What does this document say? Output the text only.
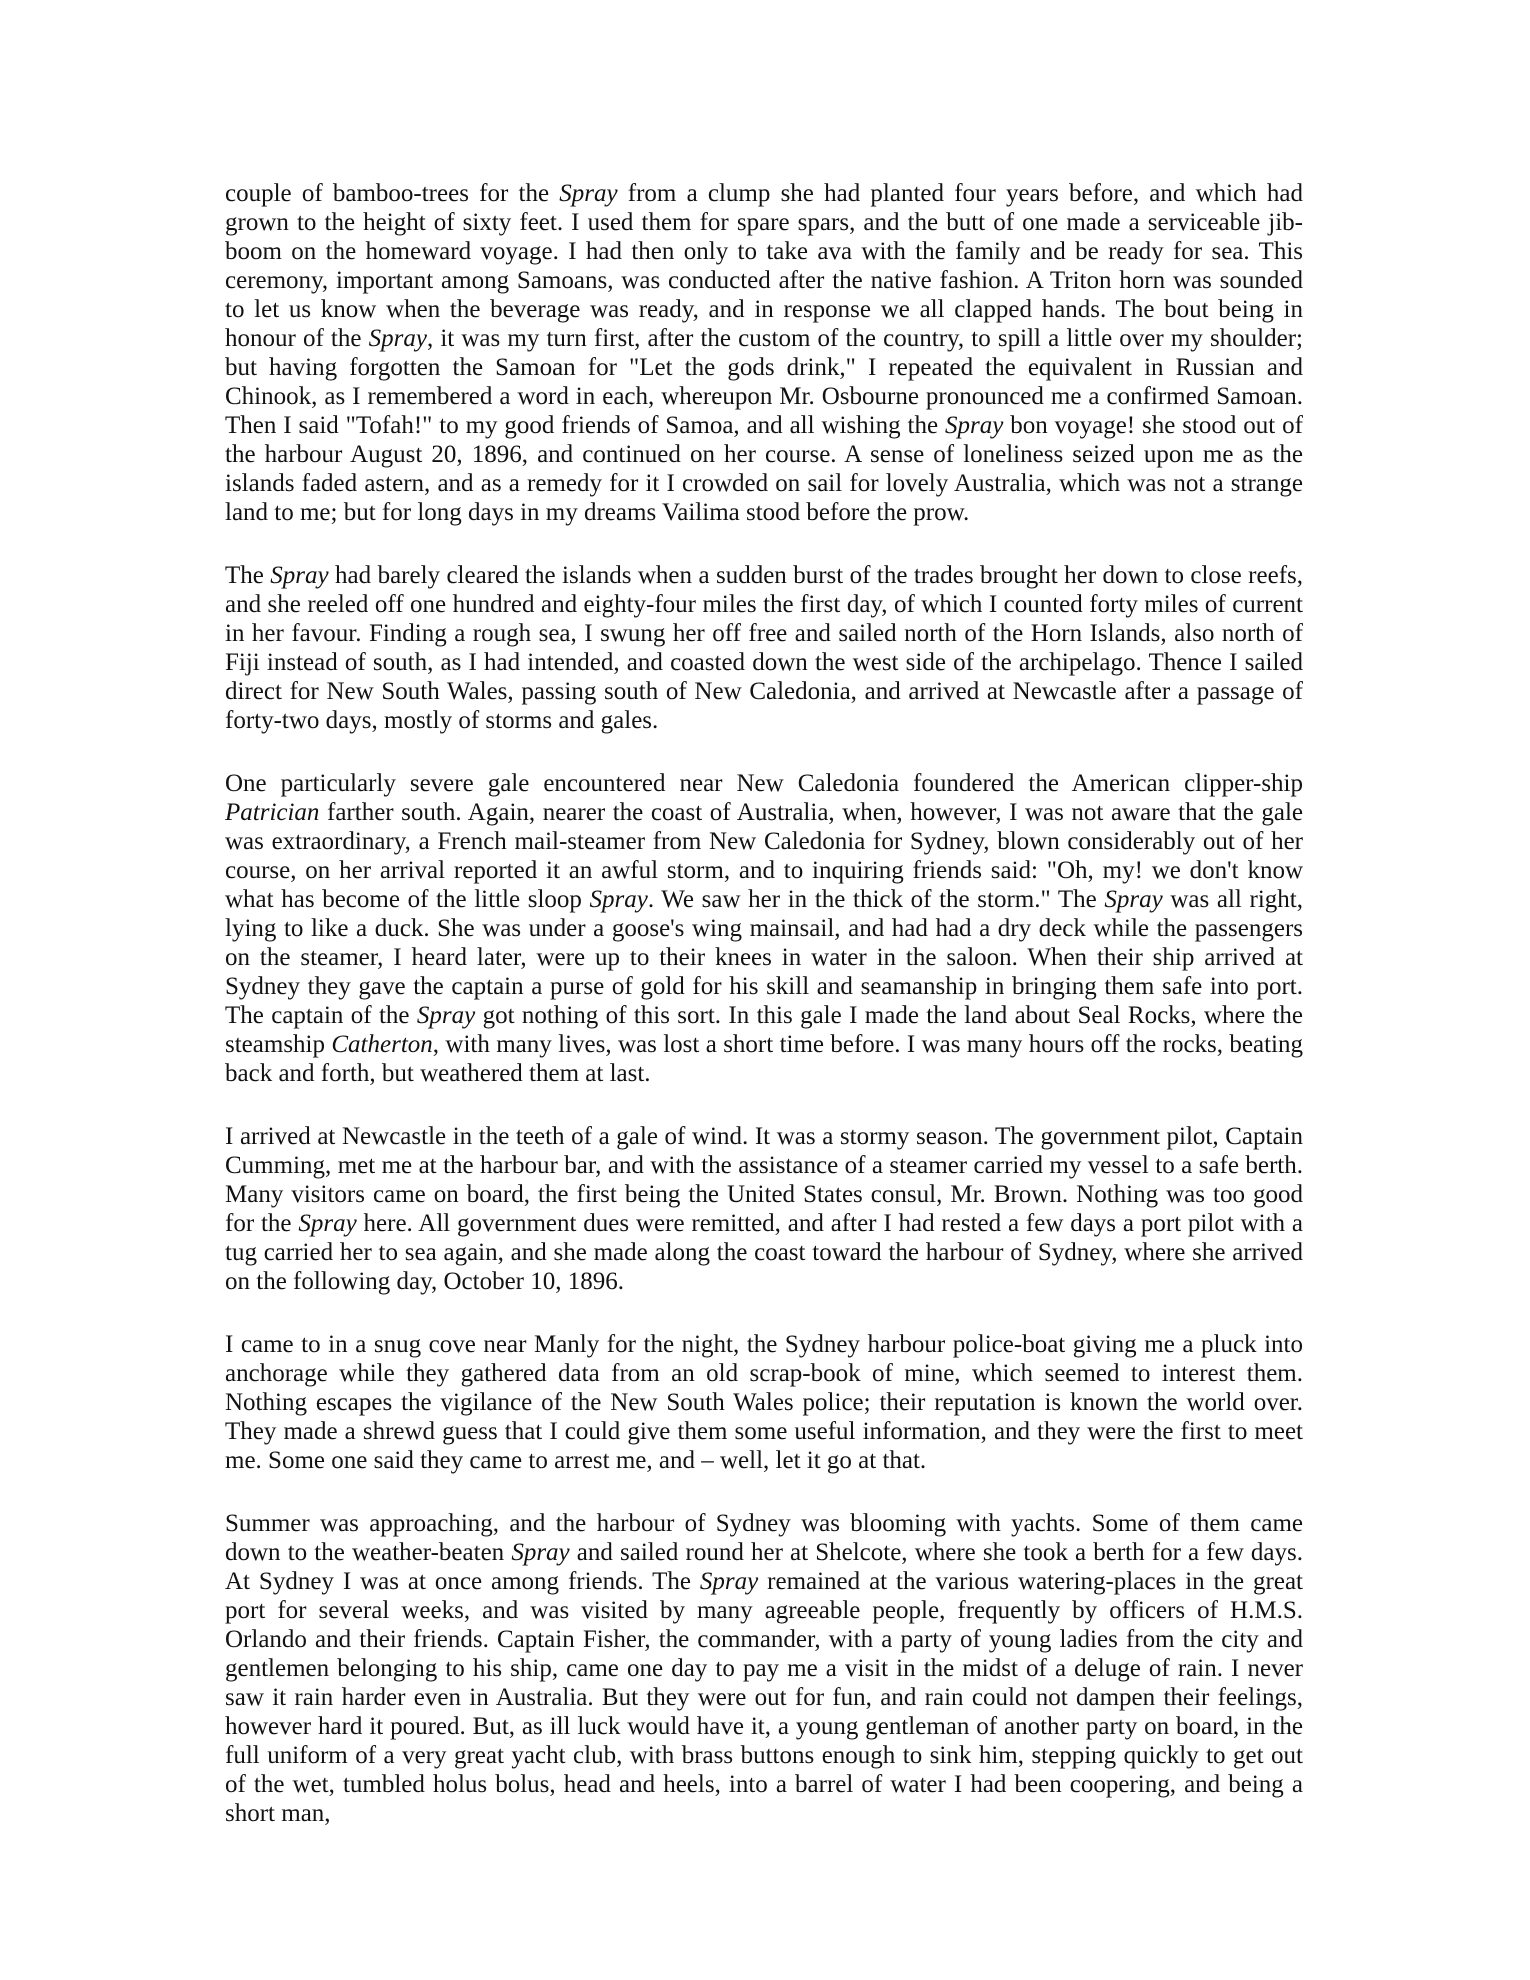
couple of bamboo-trees for the Spray from a clump she had planted four years before, and which had grown to the height of sixty feet. I used them for spare spars, and the butt of one made a serviceable jib-boom on the homeward voyage. I had then only to take ava with the family and be ready for sea. This ceremony, important among Samoans, was conducted after the native fashion. A Triton horn was sounded to let us know when the beverage was ready, and in response we all clapped hands. The bout being in honour of the Spray, it was my turn first, after the custom of the country, to spill a little over my shoulder; but having forgotten the Samoan for "Let the gods drink," I repeated the equivalent in Russian and Chinook, as I remembered a word in each, whereupon Mr. Osbourne pronounced me a confirmed Samoan. Then I said "Tofah!" to my good friends of Samoa, and all wishing the Spray bon voyage! she stood out of the harbour August 20, 1896, and continued on her course. A sense of loneliness seized upon me as the islands faded astern, and as a remedy for it I crowded on sail for lovely Australia, which was not a strange land to me; but for long days in my dreams Vailima stood before the prow.

The Spray had barely cleared the islands when a sudden burst of the trades brought her down to close reefs, and she reeled off one hundred and eighty-four miles the first day, of which I counted forty miles of current in her favour. Finding a rough sea, I swung her off free and sailed north of the Horn Islands, also north of Fiji instead of south, as I had intended, and coasted down the west side of the archipelago. Thence I sailed direct for New South Wales, passing south of New Caledonia, and arrived at Newcastle after a passage of forty-two days, mostly of storms and gales.

One particularly severe gale encountered near New Caledonia foundered the American clipper-ship Patrician farther south. Again, nearer the coast of Australia, when, however, I was not aware that the gale was extraordinary, a French mail-steamer from New Caledonia for Sydney, blown considerably out of her course, on her arrival reported it an awful storm, and to inquiring friends said: "Oh, my! we don't know what has become of the little sloop Spray. We saw her in the thick of the storm." The Spray was all right, lying to like a duck. She was under a goose's wing mainsail, and had had a dry deck while the passengers on the steamer, I heard later, were up to their knees in water in the saloon. When their ship arrived at Sydney they gave the captain a purse of gold for his skill and seamanship in bringing them safe into port. The captain of the Spray got nothing of this sort. In this gale I made the land about Seal Rocks, where the steamship Catherton, with many lives, was lost a short time before. I was many hours off the rocks, beating back and forth, but weathered them at last.

I arrived at Newcastle in the teeth of a gale of wind. It was a stormy season. The government pilot, Captain Cumming, met me at the harbour bar, and with the assistance of a steamer carried my vessel to a safe berth. Many visitors came on board, the first being the United States consul, Mr. Brown. Nothing was too good for the Spray here. All government dues were remitted, and after I had rested a few days a port pilot with a tug carried her to sea again, and she made along the coast toward the harbour of Sydney, where she arrived on the following day, October 10, 1896.

I came to in a snug cove near Manly for the night, the Sydney harbour police-boat giving me a pluck into anchorage while they gathered data from an old scrap-book of mine, which seemed to interest them. Nothing escapes the vigilance of the New South Wales police; their reputation is known the world over. They made a shrewd guess that I could give them some useful information, and they were the first to meet me. Some one said they came to arrest me, and – well, let it go at that.

Summer was approaching, and the harbour of Sydney was blooming with yachts. Some of them came down to the weather-beaten Spray and sailed round her at Shelcote, where she took a berth for a few days. At Sydney I was at once among friends. The Spray remained at the various watering-places in the great port for several weeks, and was visited by many agreeable people, frequently by officers of H.M.S. Orlando and their friends. Captain Fisher, the commander, with a party of young ladies from the city and gentlemen belonging to his ship, came one day to pay me a visit in the midst of a deluge of rain. I never saw it rain harder even in Australia. But they were out for fun, and rain could not dampen their feelings, however hard it poured. But, as ill luck would have it, a young gentleman of another party on board, in the full uniform of a very great yacht club, with brass buttons enough to sink him, stepping quickly to get out of the wet, tumbled holus bolus, head and heels, into a barrel of water I had been coopering, and being a short man,
